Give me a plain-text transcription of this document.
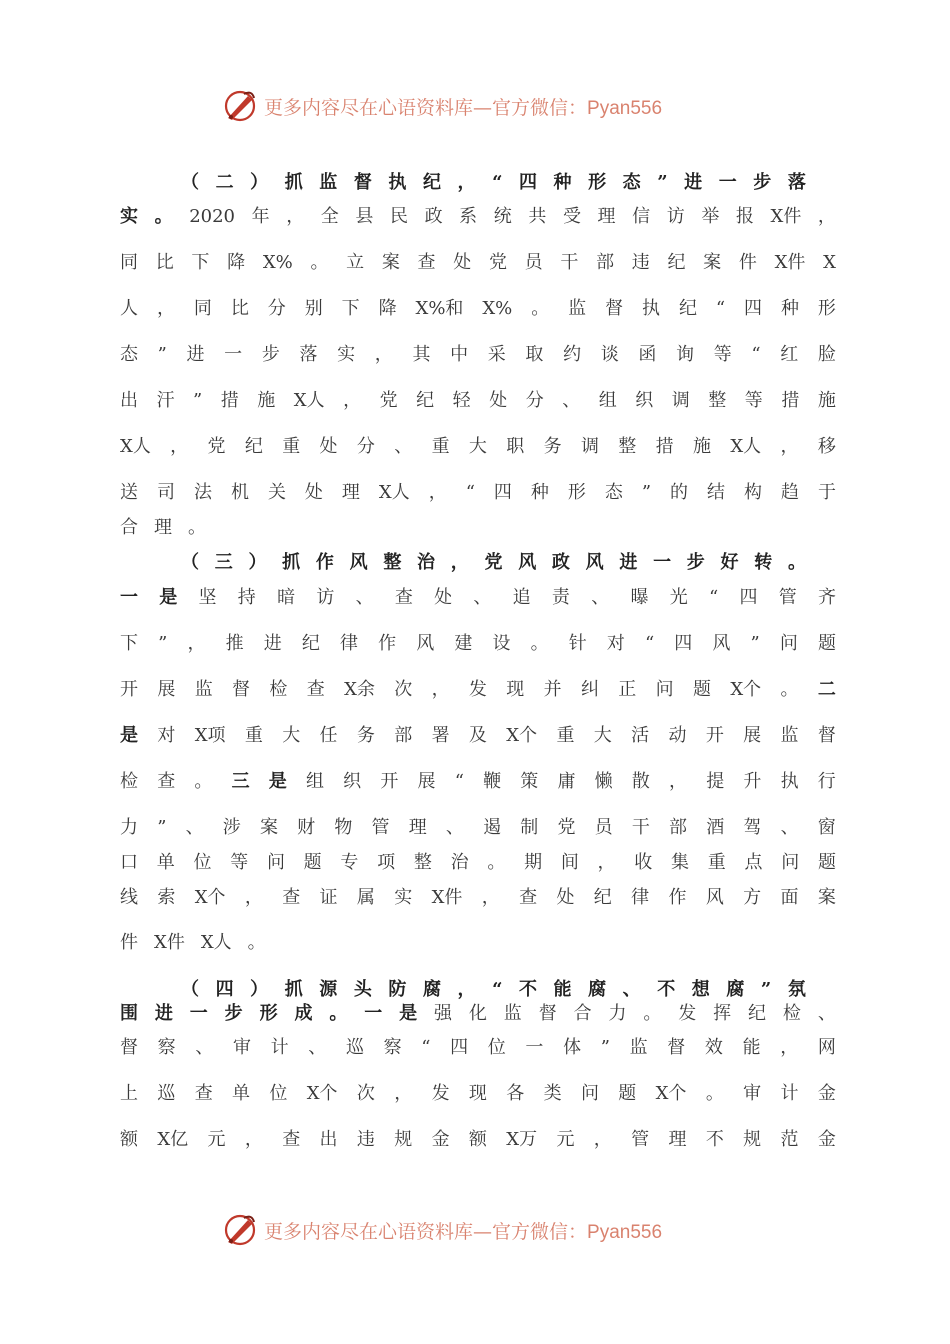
更多内容尽在心语资料库—官方微信：Pyan556
（ 二 ） 抓 监 督 执 纪 ， “ 四 种 形 态 ” 进 一 步 落
实 。 2020 年 ， 全 县 民 政 系 统 共 受 理 信 访 举 报 X件 ，
同 比 下 降 X% 。 立 案 查 处 党 员 干 部 违 纪 案 件 X件 X
人 ， 同 比 分 别 下 降 X%和 X% 。 监 督 执 纪 “ 四 种 形
态 ” 进 一 步 落 实 ， 其 中 采 取 约 谈 函 询 等 “ 红 脸
出 汗 ” 措 施 X人 ， 党 纪 轻 处 分 、 组 织 调 整 等 措 施
X人 ， 党 纪 重 处 分 、 重 大 职 务 调 整 措 施 X人 ， 移
送 司 法 机 关 处 理 X人 ， “ 四 种 形 态 ” 的 结 构 趋 于
合 理 。
（ 三 ） 抓 作 风 整 治 ， 党 风 政 风 进 一 步 好 转 。
一 是 坚 持 暗 访 、 查 处 、 追 责 、 曝 光 “ 四 管 齐
下 ” ， 推 进 纪 律 作 风 建 设 。 针 对 “ 四 风 ” 问 题
开 展 监 督 检 查 X余 次 ， 发 现 并 纠 正 问 题 X个 。 二
是 对 X项 重 大 任 务 部 署 及 X个 重 大 活 动 开 展 监 督
检 查 。 三 是 组 织 开 展 “ 鞭 策 庸 懒 散 ， 提 升 执 行
力 ” 、 涉 案 财 物 管 理 、 遏 制 党 员 干 部 酒 驾 、 窗
口 单 位 等 问 题 专 项 整 治 。 期 间 ， 收 集 重 点 问 题
线 索 X个 ， 查 证 属 实 X件 ， 查 处 纪 律 作 风 方 面 案
件 X件 X人 。
（ 四 ） 抓 源 头 防 腐 ， “ 不 能 腐 、 不 想 腐 ” 氛
围 进 一 步 形 成 。 一 是 强 化 监 督 合 力 。 发 挥 纪 检 、
督 察 、 审 计 、 巡 察 “ 四 位 一 体 ” 监 督 效 能 ， 网
上 巡 查 单 位 X个 次 ， 发 现 各 类 问 题 X个 。 审 计 金
额 X亿 元 ， 查 出 违 规 金 额 X万 元 ， 管 理 不 规 范 金
更多内容尽在心语资料库—官方微信：Pyan556
